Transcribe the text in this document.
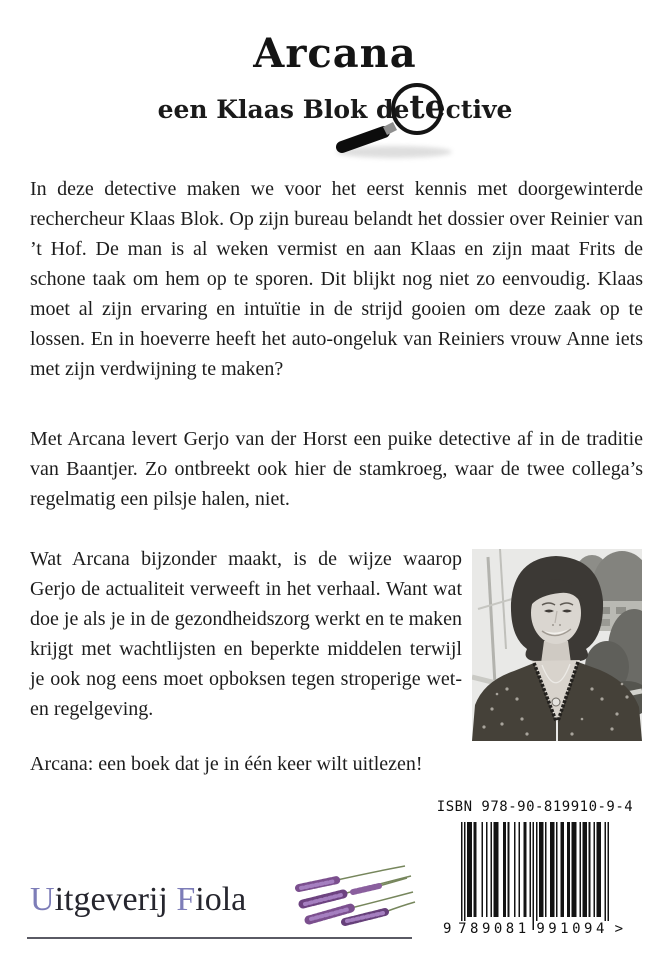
Arcana
een Klaas Blok detective

In deze detective maken we voor het eerst kennis met doorgewinterde rechercheur Klaas Blok. Op zijn bureau belandt het dossier over Reinier van ’t Hof. De man is al weken vermist en aan Klaas en zijn maat Frits de schone taak om hem op te sporen. Dit blijkt nog niet zo eenvoudig. Klaas moet al zijn ervaring en intuïtie in de strijd gooien om deze zaak op te lossen. En in hoeverre heeft het auto-ongeluk van Reiniers vrouw Anne iets met zijn verdwijning te maken?

Met Arcana levert Gerjo van der Horst een puike detective af in de traditie van Baantjer. Zo ontbreekt ook hier de stamkroeg, waar de twee collega’s regelmatig een pilsje halen, niet.

Wat Arcana bijzonder maakt, is de wijze waarop Gerjo de actualiteit verweeft in het verhaal. Want wat doe je als je in de gezondheidszorg werkt en te maken krijgt met wachtlijsten en beperkte middelen terwijl je ook nog eens moet opboksen tegen stroperige wet- en regelgeving.

Arcana: een boek dat je in één keer wilt uitlezen!

ISBN 978-90-819910-9-4
9 789081 991094 >
Uitgeverij Fiola
